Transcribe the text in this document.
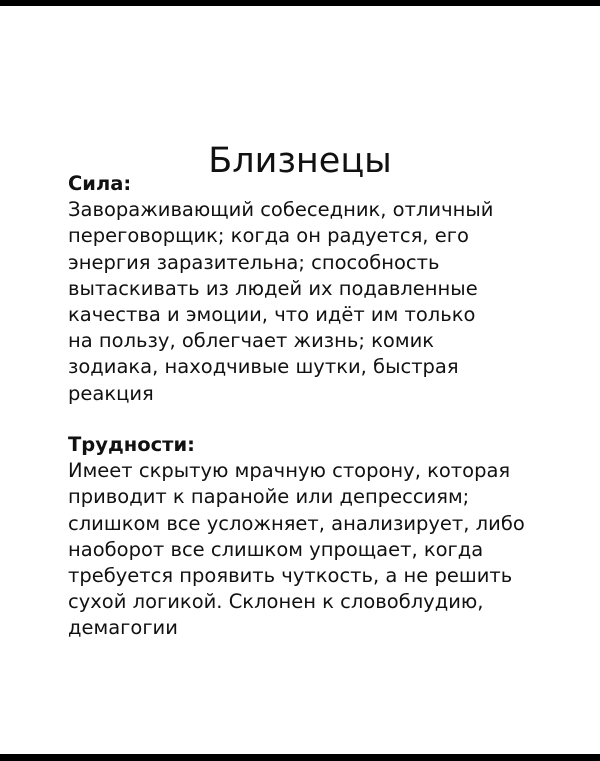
Близнецы
Сила:
Завораживающий собеседник, отличный
переговорщик; когда он радуется, его
энергия заразительна; способность
вытаскивать из людей их подавленные
качества и эмоции, что идёт им только
на пользу, облегчает жизнь; комик
зодиака, находчивые шутки, быстрая
реакция
Трудности:
Имеет скрытую мрачную сторону, которая
приводит к паранойе или депрессиям;
слишком все усложняет, анализирует, либо
наоборот все слишком упрощает, когда
требуется проявить чуткость, а не решить
сухой логикой. Склонен к словоблудию,
демагогии
